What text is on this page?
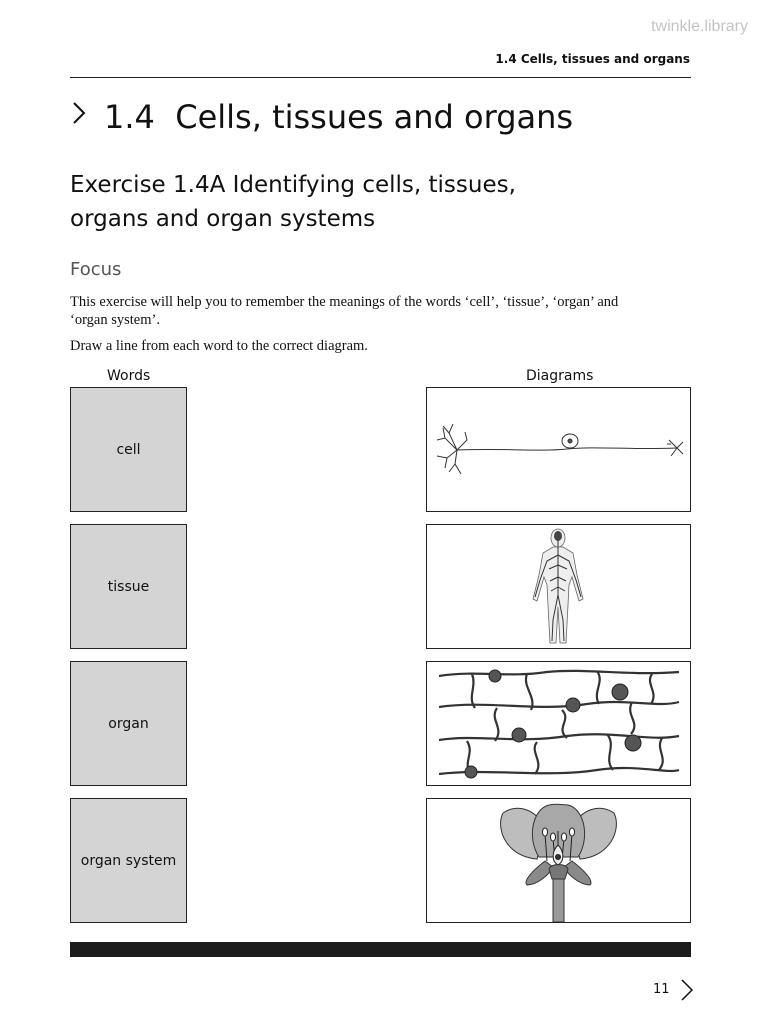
twinkle.library
1.4 Cells, tissues and organs
1.4 Cells, tissues and organs
Exercise 1.4A Identifying cells, tissues, organs and organ systems
Focus
This exercise will help you to remember the meanings of the words ‘cell’, ‘tissue’, ‘organ’ and ‘organ system’.
Draw a line from each word to the correct diagram.
Words	Diagrams
cell
tissue
organ
organ system
11
